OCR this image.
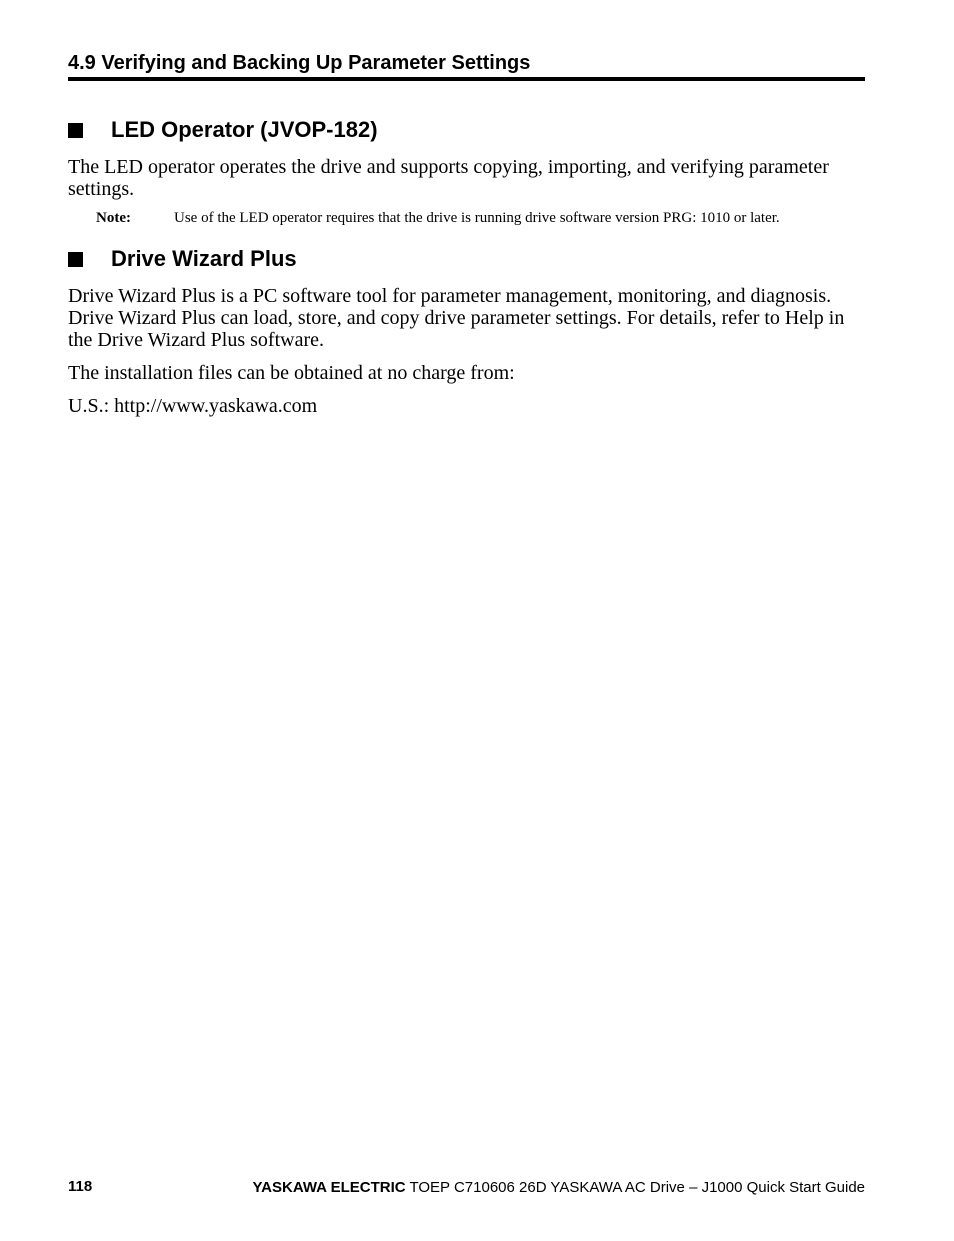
4.9 Verifying and Backing Up Parameter Settings
LED Operator (JVOP-182)
The LED operator operates the drive and supports copying, importing, and verifying parameter settings.
Note:	Use of the LED operator requires that the drive is running drive software version PRG: 1010 or later.
Drive Wizard Plus
Drive Wizard Plus is a PC software tool for parameter management, monitoring, and diagnosis. Drive Wizard Plus can load, store, and copy drive parameter settings. For details, refer to Help in the Drive Wizard Plus software.
The installation files can be obtained at no charge from:
U.S.: http://www.yaskawa.com
118	YASKAWA ELECTRIC TOEP C710606 26D YASKAWA AC Drive – J1000 Quick Start Guide
